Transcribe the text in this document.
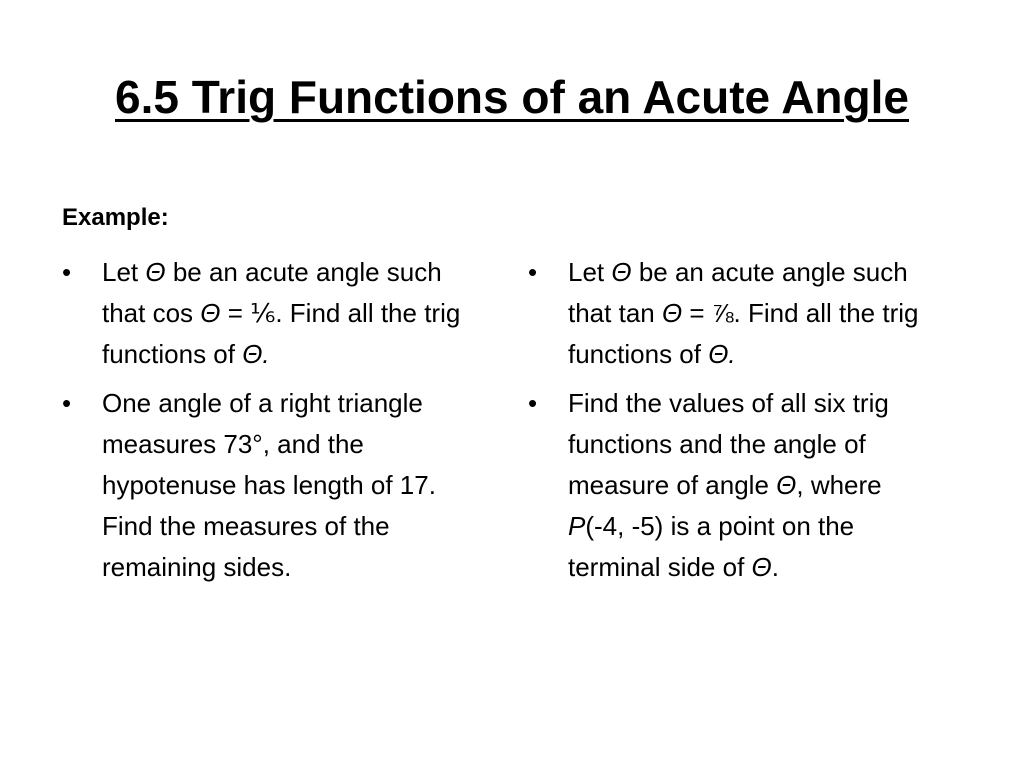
6.5 Trig Functions of an Acute Angle
Example:
•	Let Θ be an acute angle such that cos Θ = ⅙. Find all the trig functions of Θ.
•	One angle of a right triangle measures 73°, and the hypotenuse has length of 17. Find the measures of the remaining sides.
•	Let Θ be an acute angle such that tan Θ = ⅞. Find all the trig functions of Θ.
•	Find the values of all six trig functions and the angle of measure of angle Θ, where P(-4, -5) is a point on the terminal side of Θ.
